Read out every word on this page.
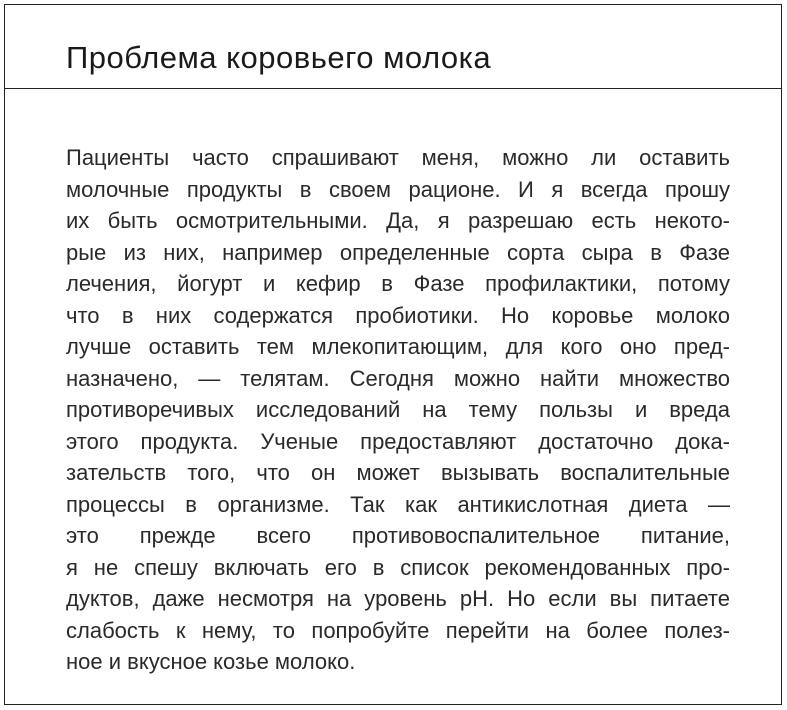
Проблема коровьего молока
Пациенты часто спрашивают меня, можно ли оставить
молочные продукты в своем рационе. И я всегда прошу
их быть осмотрительными. Да, я разрешаю есть некото-
рые из них, например определенные сорта сыра в Фазе
лечения, йогурт и кефир в Фазе профилактики, потому
что в них содержатся пробиотики. Но коровье молоко
лучше оставить тем млекопитающим, для кого оно пред-
назначено, — телятам. Сегодня можно найти множество
противоречивых исследований на тему пользы и вреда
этого продукта. Ученые предоставляют достаточно дока-
зательств того, что он может вызывать воспалительные
процессы в организме. Так как антикислотная диета —
это прежде всего противовоспалительное питание,
я не спешу включать его в список рекомендованных про-
дуктов, даже несмотря на уровень pH. Но если вы питаете
слабость к нему, то попробуйте перейти на более полез-
ное и вкусное козье молоко.
